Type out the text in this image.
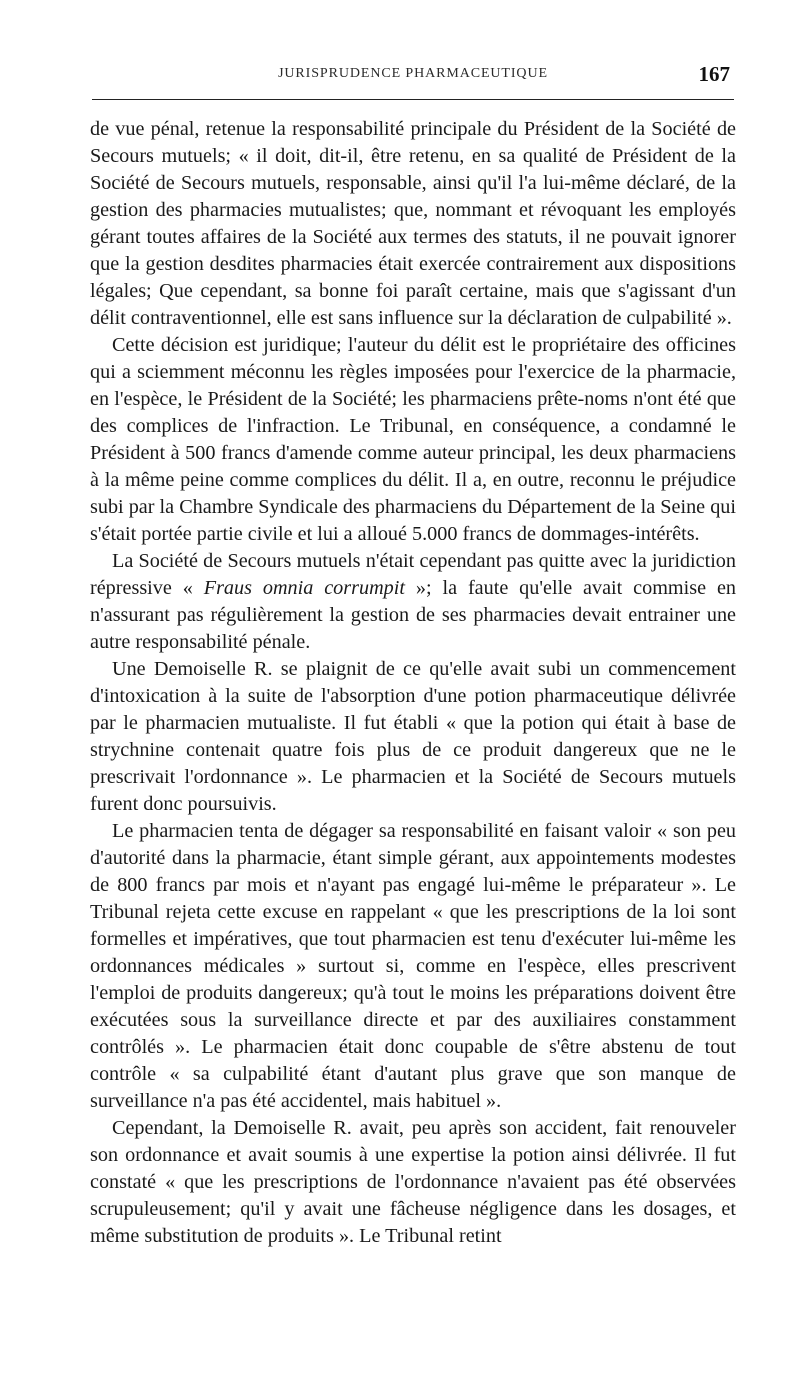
JURISPRUDENCE PHARMACEUTIQUE	167

de vue pénal, retenue la responsabilité principale du Président de la Société de Secours mutuels; « il doit, dit-il, être retenu, en sa qualité de Président de la Société de Secours mutuels, responsable, ainsi qu'il l'a lui-même déclaré, de la gestion des pharmacies mutualistes; que, nommant et révoquant les employés gérant toutes affaires de la Société aux termes des statuts, il ne pouvait ignorer que la gestion desdites pharmacies était exercée contrairement aux dispositions légales; Que cependant, sa bonne foi paraît certaine, mais que s'agissant d'un délit contraventionnel, elle est sans influence sur la déclaration de culpabilité ».

Cette décision est juridique; l'auteur du délit est le propriétaire des officines qui a sciemment méconnu les règles imposées pour l'exercice de la pharmacie, en l'espèce, le Président de la Société; les pharmaciens prête-noms n'ont été que des complices de l'infraction. Le Tribunal, en conséquence, a condamné le Président à 500 francs d'amende comme auteur principal, les deux pharmaciens à la même peine comme complices du délit. Il a, en outre, reconnu le préjudice subi par la Chambre Syndicale des pharmaciens du Département de la Seine qui s'était portée partie civile et lui a alloué 5.000 francs de dommages-intérêts.

La Société de Secours mutuels n'était cependant pas quitte avec la juridiction répressive « Fraus omnia corrumpit »; la faute qu'elle avait commise en n'assurant pas régulièrement la gestion de ses pharmacies devait entrainer une autre responsabilité pénale.

Une Demoiselle R. se plaignit de ce qu'elle avait subi un commencement d'intoxication à la suite de l'absorption d'une potion pharmaceutique délivrée par le pharmacien mutualiste. Il fut établi « que la potion qui était à base de strychnine contenait quatre fois plus de ce produit dangereux que ne le prescrivait l'ordonnance ». Le pharmacien et la Société de Secours mutuels furent donc poursuivis.

Le pharmacien tenta de dégager sa responsabilité en faisant valoir « son peu d'autorité dans la pharmacie, étant simple gérant, aux appointements modestes de 800 francs par mois et n'ayant pas engagé lui-même le préparateur ». Le Tribunal rejeta cette excuse en rappelant « que les prescriptions de la loi sont formelles et impératives, que tout pharmacien est tenu d'exécuter lui-même les ordonnances médicales » surtout si, comme en l'espèce, elles prescrivent l'emploi de produits dangereux; qu'à tout le moins les préparations doivent être exécutées sous la surveillance directe et par des auxiliaires constamment contrôlés ». Le pharmacien était donc coupable de s'être abstenu de tout contrôle « sa culpabilité étant d'autant plus grave que son manque de surveillance n'a pas été accidentel, mais habituel ».

Cependant, la Demoiselle R. avait, peu après son accident, fait renouveler son ordonnance et avait soumis à une expertise la potion ainsi délivrée. Il fut constaté « que les prescriptions de l'ordonnance n'avaient pas été observées scrupuleusement; qu'il y avait une fâcheuse négligence dans les dosages, et même substitution de produits ». Le Tribunal retint
